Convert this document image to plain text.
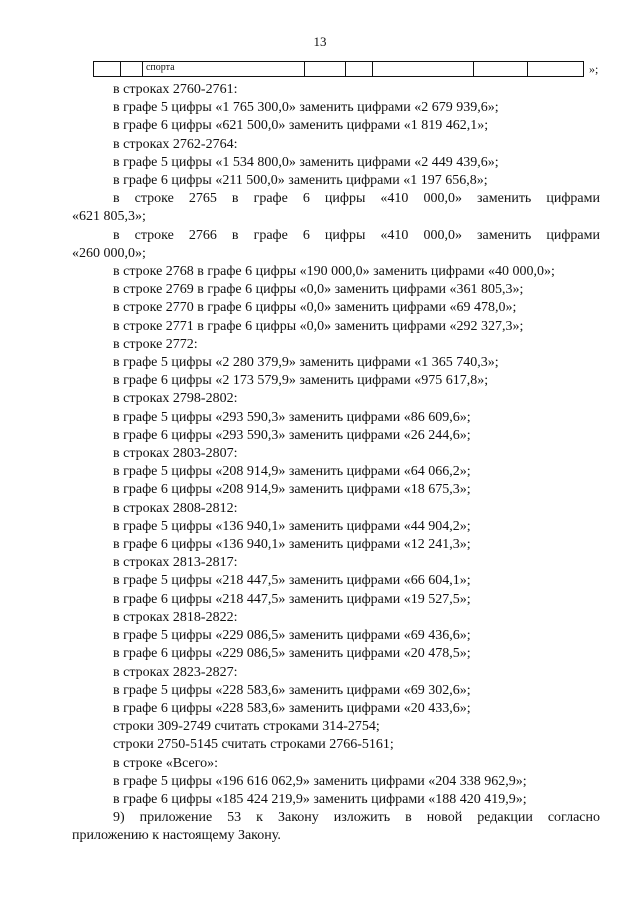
13
		спорта						»;
в строках 2760-2761:
в графе 5 цифры «1 765 300,0» заменить цифрами «2 679 939,6»;
в графе 6 цифры «621 500,0» заменить цифрами «1 819 462,1»;
в строках 2762-2764:
в графе 5 цифры «1 534 800,0» заменить цифрами «2 449 439,6»;
в графе 6 цифры «211 500,0» заменить цифрами «1 197 656,8»;
в строке 2765 в графе 6 цифры «410 000,0» заменить цифрами
«621 805,3»;
в строке 2766 в графе 6 цифры «410 000,0» заменить цифрами
«260 000,0»;
в строке 2768 в графе 6 цифры «190 000,0» заменить цифрами «40 000,0»;
в строке 2769 в графе 6 цифры «0,0» заменить цифрами «361 805,3»;
в строке 2770 в графе 6 цифры «0,0» заменить цифрами «69 478,0»;
в строке 2771 в графе 6 цифры «0,0» заменить цифрами «292 327,3»;
в строке 2772:
в графе 5 цифры «2 280 379,9» заменить цифрами «1 365 740,3»;
в графе 6 цифры «2 173 579,9» заменить цифрами «975 617,8»;
в строках 2798-2802:
в графе 5 цифры «293 590,3» заменить цифрами «86 609,6»;
в графе 6 цифры «293 590,3» заменить цифрами «26 244,6»;
в строках 2803-2807:
в графе 5 цифры «208 914,9» заменить цифрами «64 066,2»;
в графе 6 цифры «208 914,9» заменить цифрами «18 675,3»;
в строках 2808-2812:
в графе 5 цифры «136 940,1» заменить цифрами «44 904,2»;
в графе 6 цифры «136 940,1» заменить цифрами «12 241,3»;
в строках 2813-2817:
в графе 5 цифры «218 447,5» заменить цифрами «66 604,1»;
в графе 6 цифры «218 447,5» заменить цифрами «19 527,5»;
в строках 2818-2822:
в графе 5 цифры «229 086,5» заменить цифрами «69 436,6»;
в графе 6 цифры «229 086,5» заменить цифрами «20 478,5»;
в строках 2823-2827:
в графе 5 цифры «228 583,6» заменить цифрами «69 302,6»;
в графе 6 цифры «228 583,6» заменить цифрами «20 433,6»;
строки 309-2749 считать строками 314-2754;
строки 2750-5145 считать строками 2766-5161;
в строке «Всего»:
в графе 5 цифры «196 616 062,9» заменить цифрами «204 338 962,9»;
в графе 6 цифры «185 424 219,9» заменить цифрами «188 420 419,9»;
9) приложение 53 к Закону изложить в новой редакции согласно
приложению к настоящему Закону.
